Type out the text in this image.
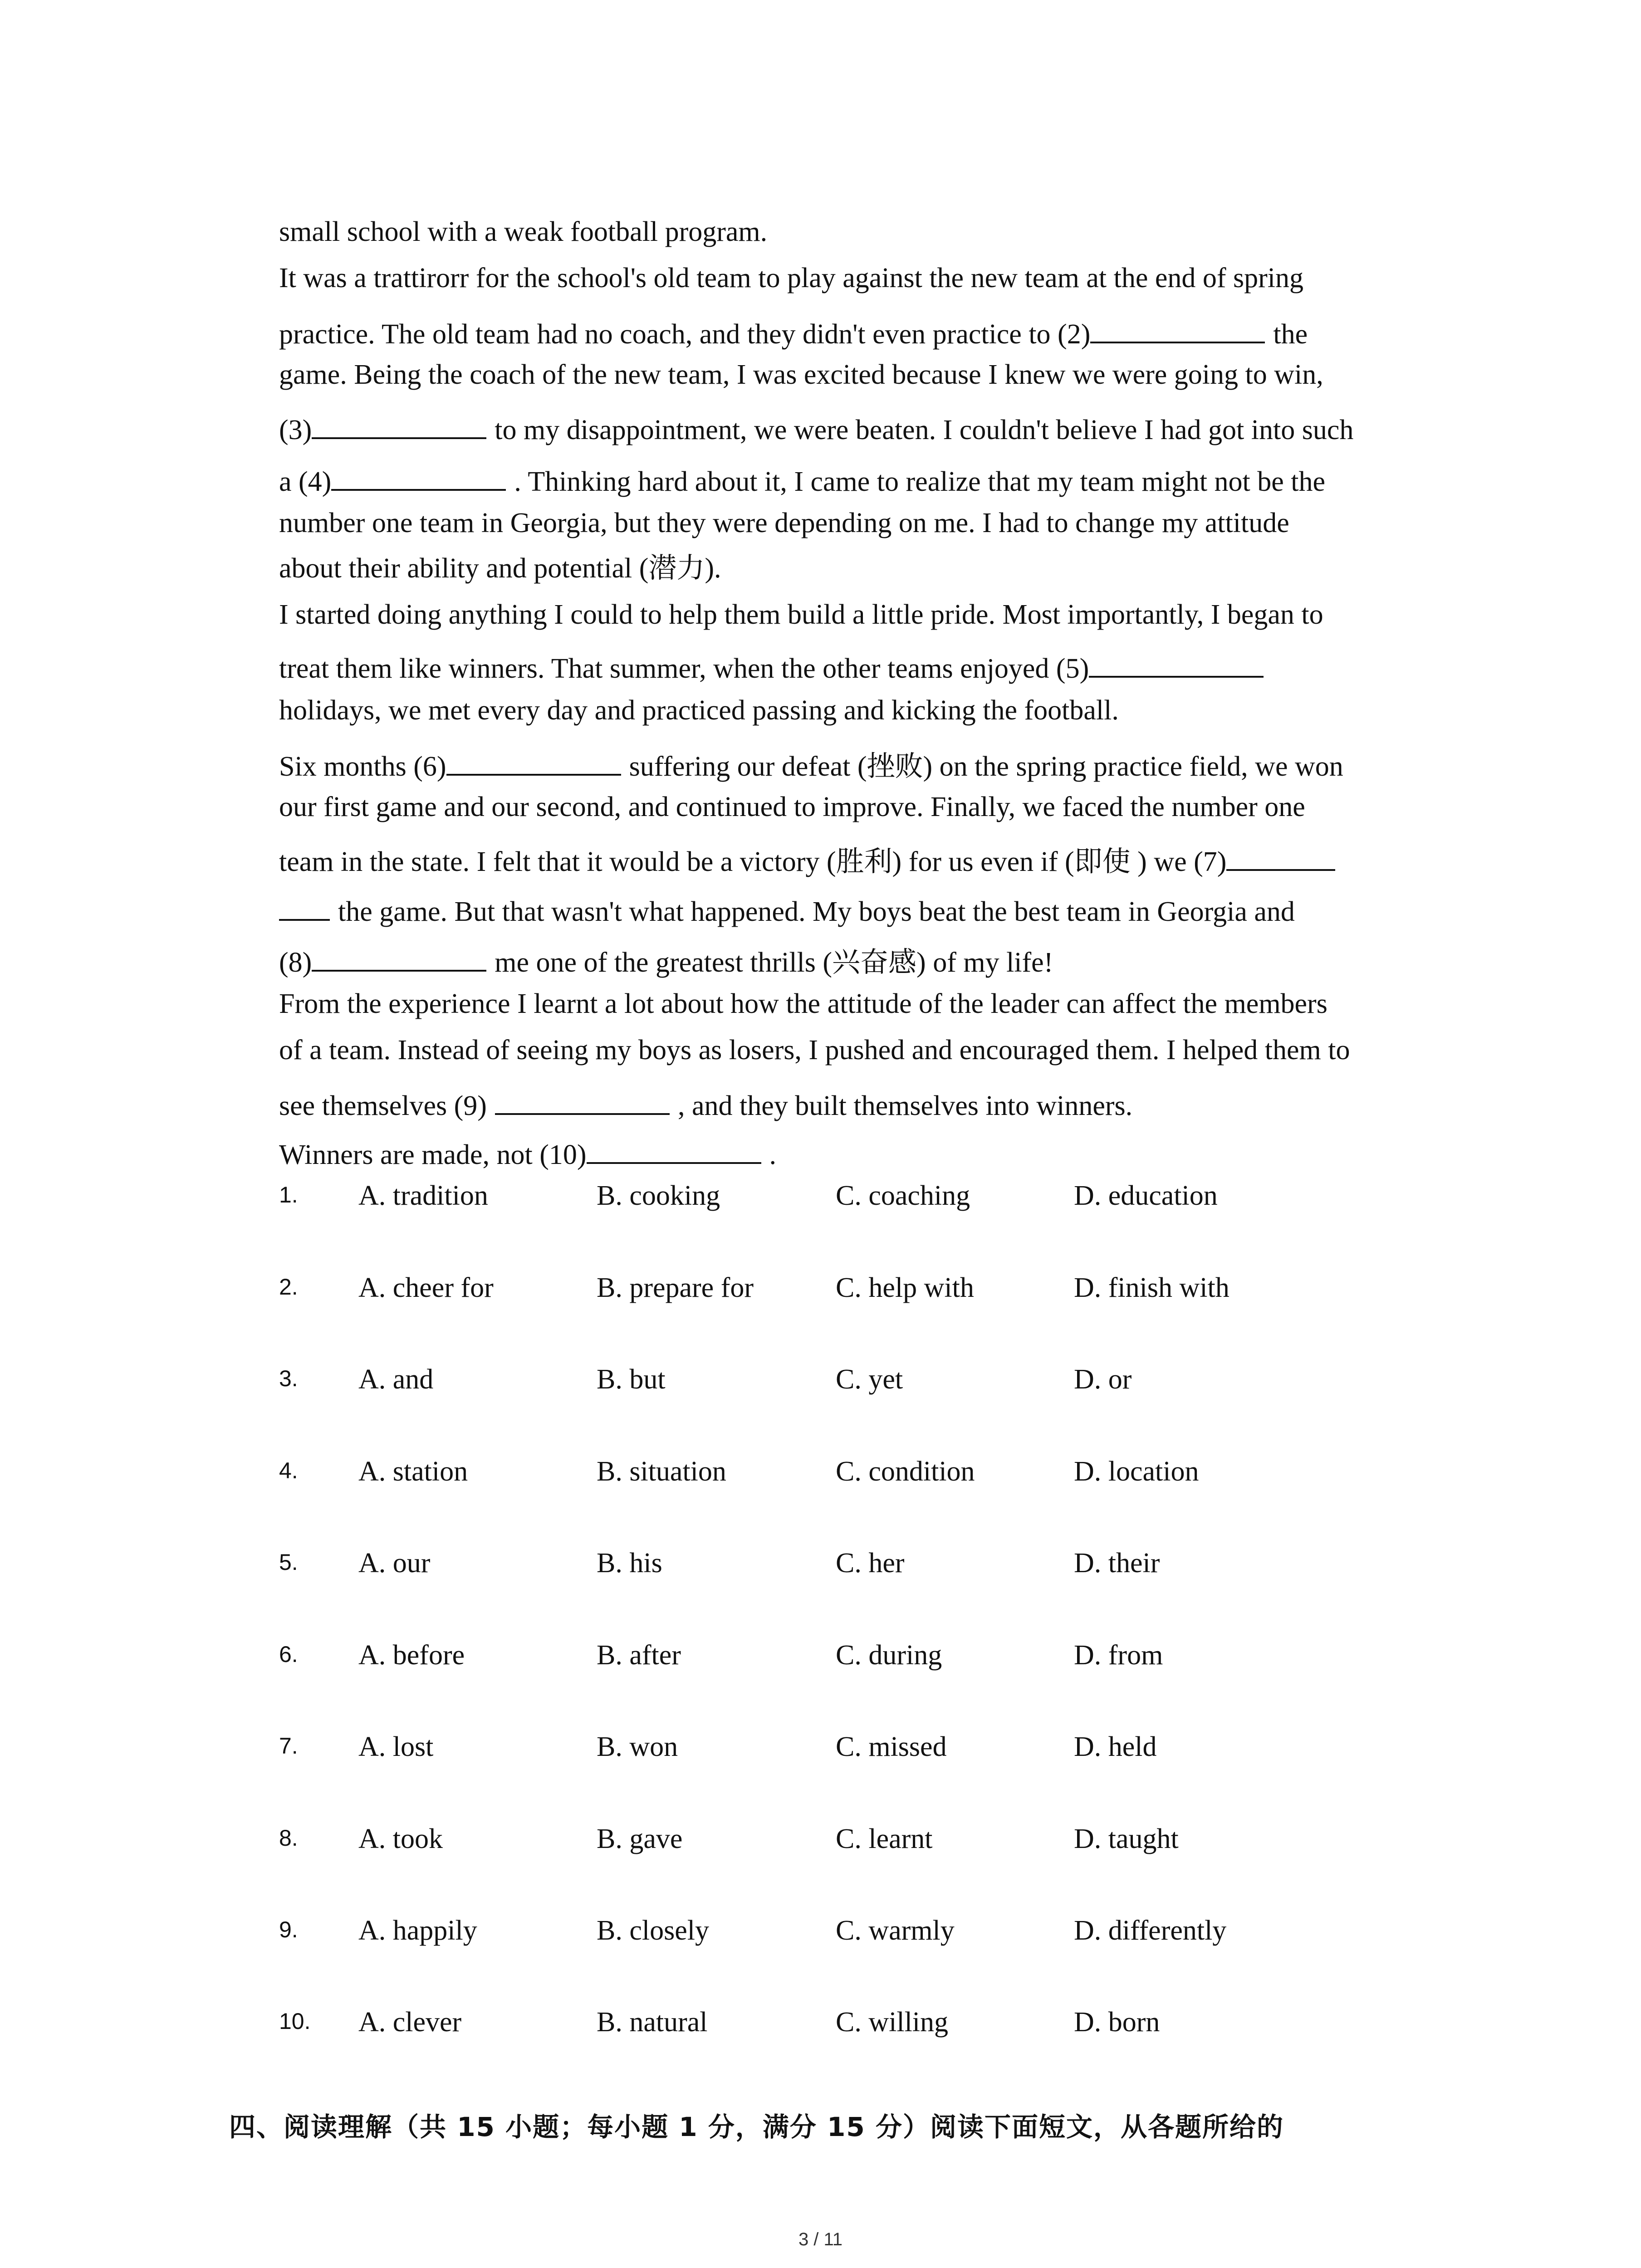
small school with a weak football program.
It was a trattirorr for the school's old team to play against the new team at the end of spring
practice. The old team had no coach, and they didn't even practice to (2)	the
game. Being the coach of the new team, I was excited because I knew we were going to win,
(3)	to my disappointment, we were beaten. I couldn't believe I had got into such
a (4)	. Thinking hard about it, I came to realize that my team might not be the
number one team in Georgia, but they were depending on me. I had to change my attitude
about their ability and potential (潜力).
I started doing anything I could to help them build a little pride. Most importantly, I began to
treat them like winners. That summer, when the other teams enjoyed (5)
holidays, we met every day and practiced passing and kicking the football.
Six months (6)	suffering our defeat (挫败) on the spring practice field, we won
our first game and our second, and continued to improve. Finally, we faced the number one
team in the state. I felt that it would be a victory (胜利) for us even if (即使 ) we (7)
the game. But that wasn't what happened. My boys beat the best team in Georgia and
(8)	me one of the greatest thrills (兴奋感) of my life!
From the experience I learnt a lot about how the attitude of the leader can affect the members
of a team. Instead of seeing my boys as losers, I pushed and encouraged them. I helped them to
see themselves (9)	, and they built themselves into winners.
Winners are made, not (10)	.
1. A. tradition	B. cooking	C. coaching	D. education
2. A. cheer for	B. prepare for	C. help with	D. finish with
3. A. and	B. but	C. yet	D. or
4. A. station	B. situation	C. condition	D. location
5. A. our	B. his	C. her	D. their
6. A. before	B. after	C. during	D. from
7. A. lost	B. won	C. missed	D. held
8. A. took	B. gave	C. learnt	D. taught
9. A. happily	B. closely	C. warmly	D. differently
10. A. clever	B. natural	C. willing	D. born
四、阅读理解（共 15 小题；每小题 1 分，满分 15 分）阅读下面短文，从各题所给的
3 / 11
